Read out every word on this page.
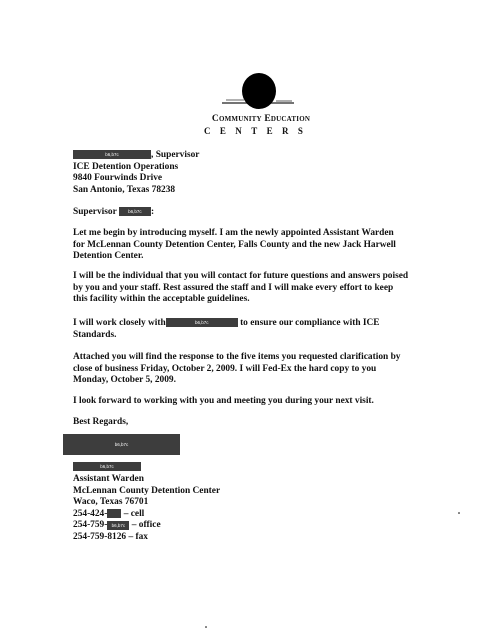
Community Education
CENTERS
b6,b7c	, Supervisor
ICE Detention Operations
9840 Fourwinds Drive
San Antonio, Texas 78238
Supervisor	b6,b7c :
Let me begin by introducing myself. I am the newly appointed Assistant Warden
for McLennan County Detention Center, Falls County and the new Jack Harwell
Detention Center.
I will be the individual that you will contact for future questions and answers poised
by you and your staff. Rest assured the staff and I will make every effort to keep
this facility within the acceptable guidelines.
I will work closely with	b6,b7c	to ensure our compliance with ICE
Standards.
Attached you will find the response to the five items you requested clarification by
close of business Friday, October 2, 2009. I will Fed-Ex the hard copy to you
Monday, October 5, 2009.
I look forward to working with you and meeting you during your next visit.
Best Regards,
b6,b7c
b6,b7c
Assistant Warden
McLennan County Detention Center
Waco, Texas 76701
254-424- – cell
254-759- b6,b7c – office
254-759-8126 – fax
